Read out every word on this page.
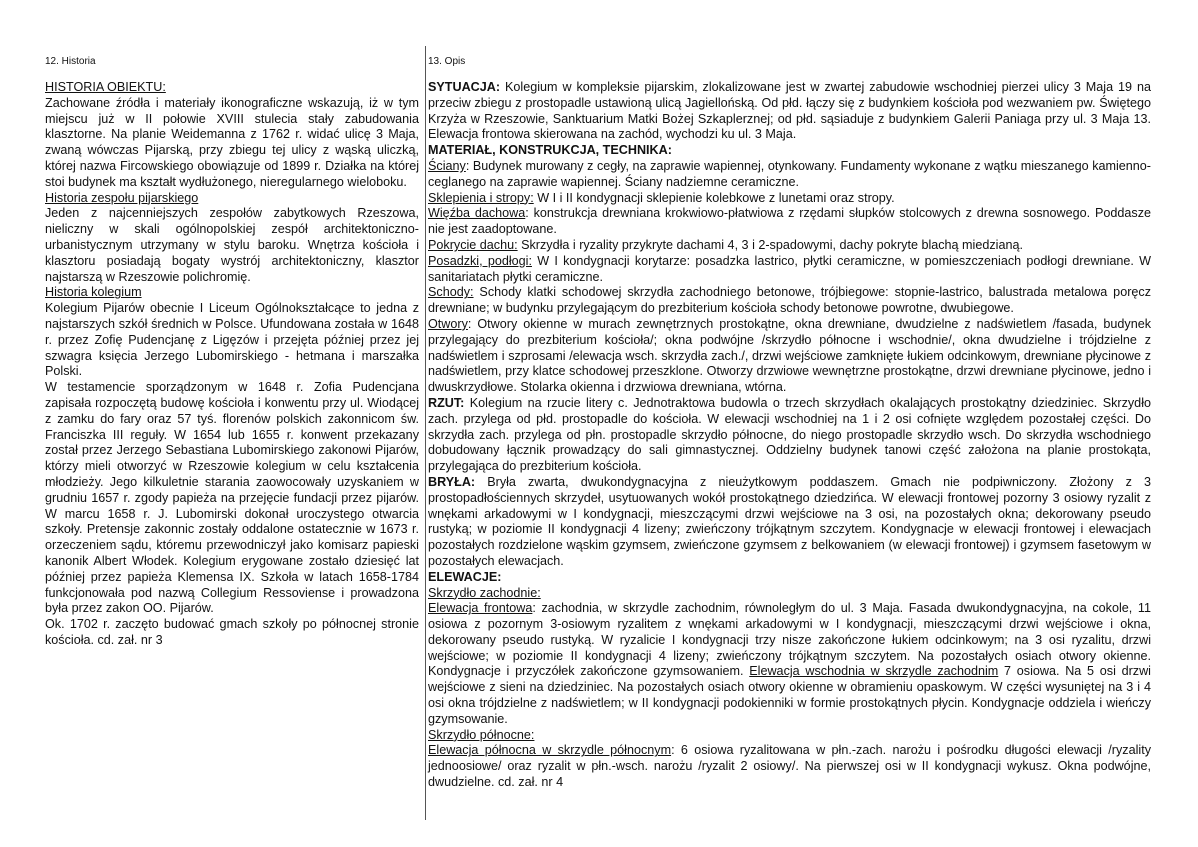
12. Historia
HISTORIA OBIEKTU:

Zachowane źródła i materiały ikonograficzne wskazują, iż w tym miejscu już w II połowie XVIII stulecia stały zabudowania klasztorne. Na planie Weidemanna z 1762 r. widać ulicę 3 Maja, zwaną wówczas Pijarską, przy zbiegu tej ulicy z wąską uliczką, której nazwa Fircowskiego obowiązuje od 1899 r. Działka na której stoi budynek ma kształt wydłużonego, nieregularnego wieloboku.

Historia zespołu pijarskiego

Jeden z najcenniejszych zespołów zabytkowych Rzeszowa, nieliczny w skali ogólnopolskiej zespół architektoniczno-urbanistycznym utrzymany w stylu baroku. Wnętrza kościoła i klasztoru posiadają bogaty wystrój architektoniczny, klasztor najstarszą w Rzeszowie polichromię.

Historia kolegium

Kolegium Pijarów obecnie I Liceum Ogólnokształcące to jedna z najstarszych szkół średnich w Polsce. Ufundowana została w 1648 r. przez Zofię Pudencjanę z Ligęzów i przejęta później przez jej szwagra księcia Jerzego Lubomirskiego - hetmana i marszałka Polski.

W testamencie sporządzonym w 1648 r. Zofia Pudencjana zapisała rozpoczętą budowę kościoła i konwentu przy ul. Wiodącej z zamku do fary oraz 57 tyś. florenów polskich zakonnicom św. Franciszka III reguły. W 1654 lub 1655 r. konwent przekazany został przez Jerzego Sebastiana Lubomirskiego zakonowi Pijarów, którzy mieli otworzyć w Rzeszowie kolegium w celu kształcenia młodzieży. Jego kilkuletnie starania zaowocowały uzyskaniem w grudniu 1657 r. zgody papieża na przejęcie fundacji przez pijarów. W marcu 1658 r. J. Lubomirski dokonał uroczystego otwarcia szkoły. Pretensje zakonnic zostały oddalone ostatecznie w 1673 r. orzeczeniem sądu, któremu przewodniczył jako komisarz papieski kanonik Albert Włodek. Kolegium erygowane zostało dziesięć lat później przez papieża Klemensa IX. Szkoła w latach 1658-1784 funkcjonowała pod nazwą Collegium Ressoviense i prowadzona była przez zakon OO. Pijarów.

Ok. 1702 r. zaczęto budować gmach szkoły po północnej stronie kościoła. cd. zał. nr 3

13. Opis

SYTUACJA: Kolegium w kompleksie pijarskim, zlokalizowane jest w zwartej zabudowie wschodniej pierzei ulicy 3 Maja 19 na przeciw zbiegu z prostopadle ustawioną ulicą Jagiellońską. Od płd. łączy się z budynkiem kościoła pod wezwaniem pw. Świętego Krzyża w Rzeszowie, Sanktuarium Matki Bożej Szkaplerznej; od płd. sąsiaduje z budynkiem Galerii Paniaga przy ul. 3 Maja 13. Elewacja frontowa skierowana na zachód, wychodzi ku ul. 3 Maja.

MATERIAŁ, KONSTRUKCJA, TECHNIKA:

Ściany: Budynek murowany z cegły, na zaprawie wapiennej, otynkowany. Fundamenty wykonane z wątku mieszanego kamienno-ceglanego na zaprawie wapiennej. Ściany nadziemne ceramiczne.

Sklepienia i stropy: W I i II kondygnacji sklepienie kolebkowe z lunetami oraz stropy.

Więźba dachowa: konstrukcja drewniana krokwiowo-płatwiowa z rzędami słupków stolcowych z drewna sosnowego. Poddasze nie jest zaadoptowane.

Pokrycie dachu: Skrzydła i ryzality przykryte dachami 4, 3 i 2-spadowymi, dachy pokryte blachą miedzianą.

Posadzki, podłogi: W I kondygnacji korytarze: posadzka lastrico, płytki ceramiczne, w pomieszczeniach podłogi drewniane. W sanitariatach płytki ceramiczne.

Schody: Schody klatki schodowej skrzydła zachodniego betonowe, trójbiegowe: stopnie-lastrico, balustrada metalowa poręcz drewniane; w budynku przylegającym do prezbiterium kościoła schody betonowe powrotne, dwubiegowe.

Otwory: Otwory okienne w murach zewnętrznych prostokątne, okna drewniane, dwudzielne z nadświetlem /fasada, budynek przylegający do prezbiterium kościoła/; okna podwójne /skrzydło północne i wschodnie/, okna dwudzielne i trójdzielne z nadświetlem i szprosami /elewacja wsch. skrzydła zach./, drzwi wejściowe zamknięte łukiem odcinkowym, drewniane płycinowe z nadświetlem, przy klatce schodowej przeszklone. Otworzy drzwiowe wewnętrzne prostokątne, drzwi drewniane płycinowe, jedno i dwuskrzydłowe. Stolarka okienna i drzwiowa drewniana, wtórna.

RZUT: Kolegium na rzucie litery c. Jednotraktowa budowla o trzech skrzydłach okalających prostokątny dziedziniec. Skrzydło zach. przylega od płd. prostopadle do kościoła. W elewacji wschodniej na 1 i 2 osi cofnięte względem pozostałej części. Do skrzydła zach. przylega od płn. prostopadle skrzydło północne, do niego prostopadle skrzydło wsch. Do skrzydła wschodniego dobudowany łącznik prowadzący do sali gimnastycznej. Oddzielny budynek tanowi część założona na planie prostokąta, przylegająca do prezbiterium kościoła.

BRYŁA: Bryła zwarta, dwukondygnacyjna z nieużytkowym poddaszem. Gmach nie podpiwniczony. Złożony z 3 prostopadłościennych skrzydeł, usytuowanych wokół prostokątnego dziedzińca. W elewacji frontowej pozorny 3 osiowy ryzalit z wnękami arkadowymi w I kondygnacji, mieszczącymi drzwi wejściowe na 3 osi, na pozostałych okna; dekorowany pseudo rustyką; w poziomie II kondygnacji 4 lizeny; zwieńczony trójkątnym szczytem. Kondygnacje w elewacji frontowej i elewacjach pozostałych rozdzielone wąskim gzymsem, zwieńczone gzymsem z belkowaniem (w elewacji frontowej) i gzymsem fasetowym w pozostałych elewacjach.

ELEWACJE:
Skrzydło zachodnie:

Elewacja frontowa: zachodnia, w skrzydle zachodnim, równoległym do ul. 3 Maja. Fasada dwukondygnacyjna, na cokole, 11 osiowa z pozornym 3-osiowym ryzalitem z wnękami arkadowymi w I kondygnacji, mieszczącymi drzwi wejściowe i okna, dekorowany pseudo rustyką. W ryzalicie I kondygnacji trzy nisze zakończone łukiem odcinkowym; na 3 osi ryzalitu, drzwi wejściowe; w poziomie II kondygnacji 4 lizeny; zwieńczony trójkątnym szczytem. Na pozostałych osiach otwory okienne. Kondygnacje i przyczółek zakończone gzymsowaniem. Elewacja wschodnia w skrzydle zachodnim 7 osiowa. Na 5 osi drzwi wejściowe z sieni na dziedziniec. Na pozostałych osiach otwory okienne w obramieniu opaskowym. W części wysuniętej na 3 i 4 osi okna trójdzielne z nadświetlem; w II kondygnacji podokienniki w formie prostokątnych płycin. Kondygnacje oddziela i wieńczy gzymsowanie.

Skrzydło północne:

Elewacja północna w skrzydle północnym: 6 osiowa ryzalitowana w płn.-zach. narożu i pośrodku długości elewacji /ryzality jednoosiowe/ oraz ryzalit w płn.-wsch. narożu /ryzalit 2 osiowy/. Na pierwszej osi w II kondygnacji wykusz. Okna podwójne, dwudzielne. cd. zał. nr 4
